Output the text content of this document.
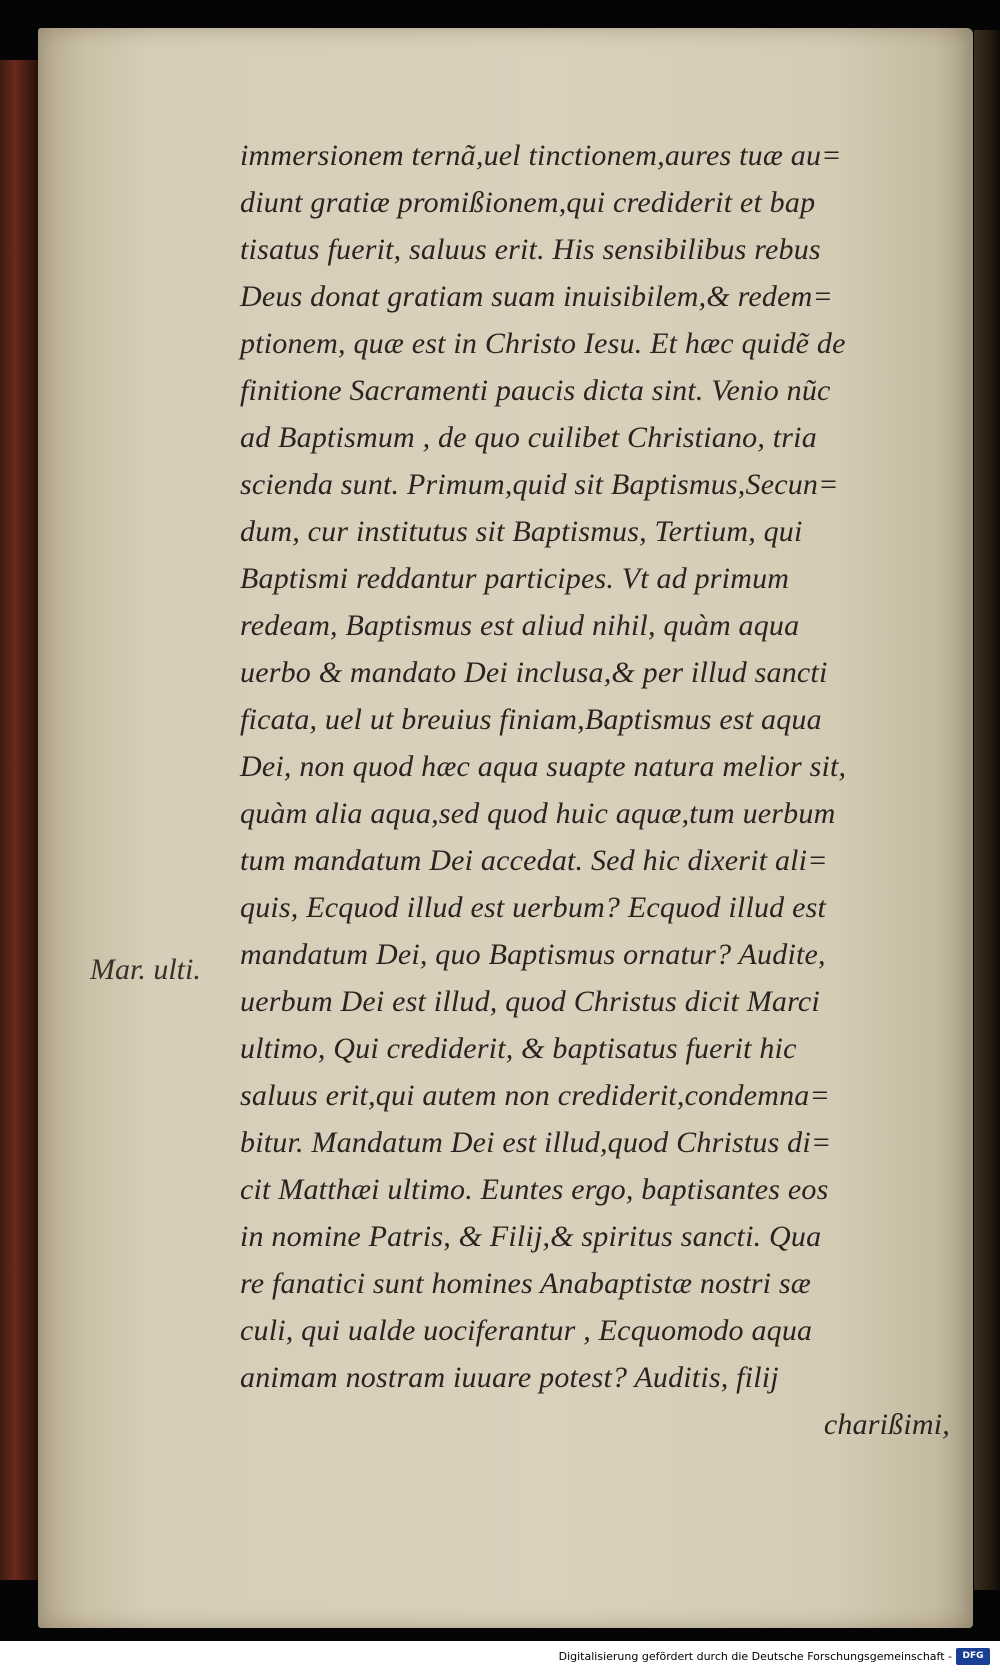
Mar. ulti.
immersionem ternã,uel tinctionem,aures tuæ au=
diunt gratiæ promißionem,qui crediderit et bap
tisatus fuerit, saluus erit. His sensibilibus rebus
Deus donat gratiam suam inuisibilem,& redem=
ptionem, quæ est in Christo Iesu. Et hæc quidẽ de
finitione Sacramenti paucis dicta sint. Venio nũc
ad Baptismum , de quo cuilibet Christiano, tria
scienda sunt. Primum,quid sit Baptismus,Secun=
dum, cur institutus sit Baptismus, Tertium, qui
Baptismi reddantur participes. Vt ad primum
redeam, Baptismus est aliud nihil, quàm aqua
uerbo & mandato Dei inclusa,& per illud sancti
ficata, uel ut breuius finiam,Baptismus est aqua
Dei, non quod hæc aqua suapte natura melior sit,
quàm alia aqua,sed quod huic aquæ,tum uerbum
tum mandatum Dei accedat. Sed hic dixerit ali=
quis, Ecquod illud est uerbum? Ecquod illud est
mandatum Dei, quo Baptismus ornatur? Audite,
uerbum Dei est illud, quod Christus dicit Marci
ultimo, Qui crediderit, & baptisatus fuerit hic
saluus erit,qui autem non crediderit,condemna=
bitur. Mandatum Dei est illud,quod Christus di=
cit Matthæi ultimo. Euntes ergo, baptisantes eos
in nomine Patris, & Filij,& spiritus sancti. Qua
re fanatici sunt homines Anabaptistæ nostri sæ
culi, qui ualde uociferantur , Ecquomodo aqua
animam nostram iuuare potest? Auditis, filij
charißimi,
Digitalisierung gefördert durch die Deutsche Forschungsgemeinschaft -	DFG
